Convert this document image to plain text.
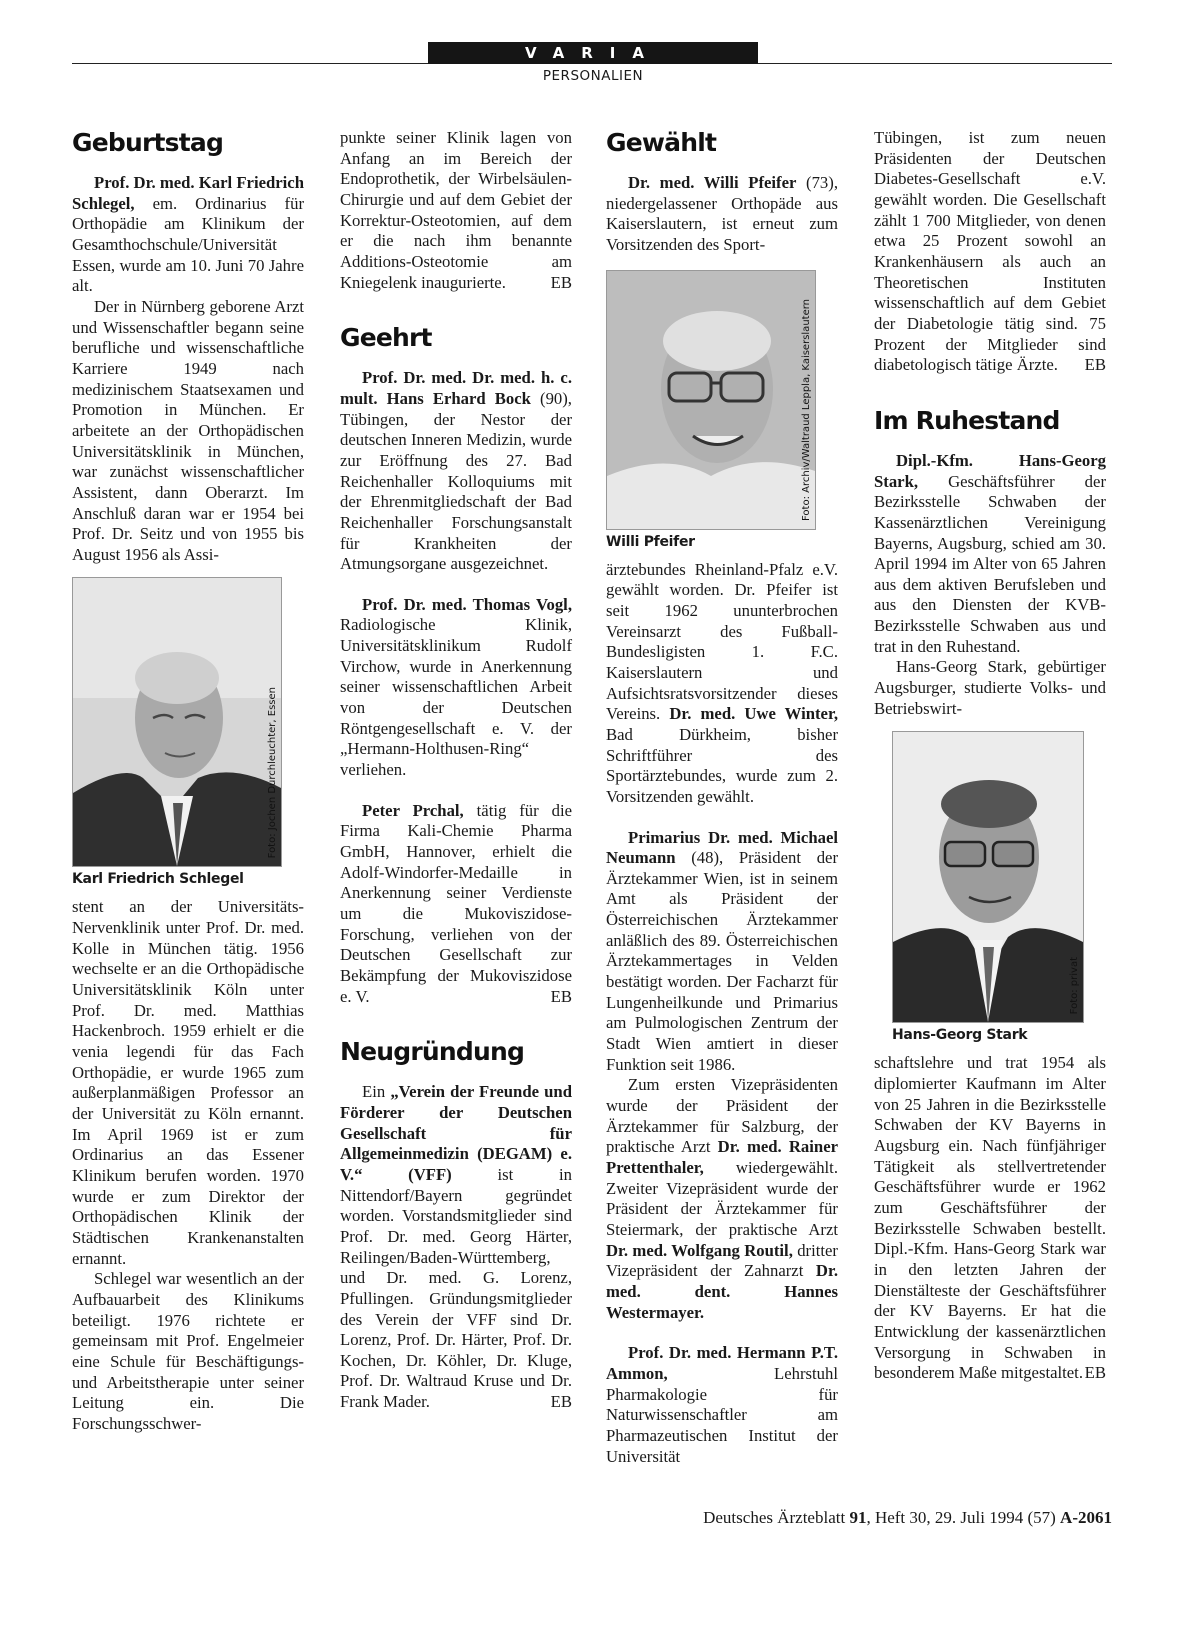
VARIA
PERSONALIEN
Geburtstag

Prof. Dr. med. Karl Friedrich Schlegel, em. Ordinarius für Orthopädie am Klinikum der Gesamthochschule/Universität Essen, wurde am 10. Juni 70 Jahre alt.

Der in Nürnberg geborene Arzt und Wissenschaftler begann seine berufliche und wissenschaftliche Karriere 1949 nach medizinischem Staatsexamen und Promotion in München. Er arbeitete an der Orthopädischen Universitätsklinik in München, war zunächst wissenschaftlicher Assistent, dann Oberarzt. Im Anschluß daran war er 1954 bei Prof. Dr. Seitz und von 1955 bis August 1956 als Assi-

Foto: Jochen Durchleuchter, Essen
Karl Friedrich Schlegel

stent an der Universitäts-Nervenklinik unter Prof. Dr. med. Kolle in München tätig. 1956 wechselte er an die Orthopädische Universitätsklinik Köln unter Prof. Dr. med. Matthias Hackenbroch. 1959 erhielt er die venia legendi für das Fach Orthopädie, er wurde 1965 zum außerplanmäßigen Professor an der Universität zu Köln ernannt. Im April 1969 ist er zum Ordinarius an das Essener Klinikum berufen worden. 1970 wurde er zum Direktor der Orthopädischen Klinik der Städtischen Krankenanstalten ernannt.

Schlegel war wesentlich an der Aufbauarbeit des Klinikums beteiligt. 1976 richtete er gemeinsam mit Prof. Engelmeier eine Schule für Beschäftigungs- und Arbeitstherapie unter seiner Leitung ein. Die Forschungsschwer-

punkte seiner Klinik lagen von Anfang an im Bereich der Endoprothetik, der Wirbelsäulen-Chirurgie und auf dem Gebiet der Korrektur-Osteotomien, auf dem er die nach ihm benannte Additions-Osteotomie am Kniegelenk inaugurierte.	EB

Geehrt

Prof. Dr. med. Dr. med. h. c. mult. Hans Erhard Bock (90), Tübingen, der Nestor der deutschen Inneren Medizin, wurde zur Eröffnung des 27. Bad Reichenhaller Kolloquiums mit der Ehrenmitgliedschaft der Bad Reichenhaller Forschungsanstalt für Krankheiten der Atmungsorgane ausgezeichnet.

Prof. Dr. med. Thomas Vogl, Radiologische Klinik, Universitätsklinikum Rudolf Virchow, wurde in Anerkennung seiner wissenschaftlichen Arbeit von der Deutschen Röntgengesellschaft e. V. der „Hermann-Holthusen-Ring“ verliehen.

Peter Prchal, tätig für die Firma Kali-Chemie Pharma GmbH, Hannover, erhielt die Adolf-Windorfer-Medaille in Anerkennung seiner Verdienste um die Mukoviszidose-Forschung, verliehen von der Deutschen Gesellschaft zur Bekämpfung der Mukoviszidose e. V.	EB

Neugründung

Ein „Verein der Freunde und Förderer der Deutschen Gesellschaft für Allgemeinmedizin (DEGAM) e. V.“ (VFF) ist in Nittendorf/Bayern gegründet worden. Vorstandsmitglieder sind Prof. Dr. med. Georg Härter, Reilingen/Baden-Württemberg, und Dr. med. G. Lorenz, Pfullingen. Gründungsmitglieder des Verein der VFF sind Dr. Lorenz, Prof. Dr. Härter, Prof. Dr. Kochen, Dr. Köhler, Dr. Kluge, Prof. Dr. Waltraud Kruse und Dr. Frank Mader.	EB

Gewählt

Dr. med. Willi Pfeifer (73), niedergelassener Orthopäde aus Kaiserslautern, ist erneut zum Vorsitzenden des Sport-

Foto: Archiv/Waltraud Leppla, Kaiserslautern
Willi Pfeifer

ärztebundes Rheinland-Pfalz e.V. gewählt worden. Dr. Pfeifer ist seit 1962 ununterbrochen Vereinsarzt des Fußball-Bundesligisten 1. F.C. Kaiserslautern und Aufsichtsratsvorsitzender dieses Vereins. Dr. med. Uwe Winter, Bad Dürkheim, bisher Schriftführer des Sportärztebundes, wurde zum 2. Vorsitzenden gewählt.

Primarius Dr. med. Michael Neumann (48), Präsident der Ärztekammer Wien, ist in seinem Amt als Präsident der Österreichischen Ärztekammer anläßlich des 89. Österreichischen Ärztekammertages in Velden bestätigt worden. Der Facharzt für Lungenheilkunde und Primarius am Pulmologischen Zentrum der Stadt Wien amtiert in dieser Funktion seit 1986.

Zum ersten Vizepräsidenten wurde der Präsident der Ärztekammer für Salzburg, der praktische Arzt Dr. med. Rainer Prettenthaler, wiedergewählt. Zweiter Vizepräsident wurde der Präsident der Ärztekammer für Steiermark, der praktische Arzt Dr. med. Wolfgang Routil, dritter Vizepräsident der Zahnarzt Dr. med. dent. Hannes Westermayer.

Prof. Dr. med. Hermann P.T. Ammon, Lehrstuhl Pharmakologie für Naturwissenschaftler am Pharmazeutischen Institut der Universität

Tübingen, ist zum neuen Präsidenten der Deutschen Diabetes-Gesellschaft e.V. gewählt worden. Die Gesellschaft zählt 1 700 Mitglieder, von denen etwa 25 Prozent sowohl an Krankenhäusern als auch an Theoretischen Instituten wissenschaftlich auf dem Gebiet der Diabetologie tätig sind. 75 Prozent der Mitglieder sind diabetologisch tätige Ärzte. EB

Im Ruhestand

Dipl.-Kfm. Hans-Georg Stark, Geschäftsführer der Bezirksstelle Schwaben der Kassenärztlichen Vereinigung Bayerns, Augsburg, schied am 30. April 1994 im Alter von 65 Jahren aus dem aktiven Berufsleben und aus den Diensten der KVB-Bezirksstelle Schwaben aus und trat in den Ruhestand.

Hans-Georg Stark, gebürtiger Augsburger, studierte Volks- und Betriebswirt-

Foto: privat
Hans-Georg Stark

schaftslehre und trat 1954 als diplomierter Kaufmann im Alter von 25 Jahren in die Bezirksstelle Schwaben der KV Bayerns in Augsburg ein. Nach fünfjähriger Tätigkeit als stellvertretender Geschäftsführer wurde er 1962 zum Geschäftsführer der Bezirksstelle Schwaben bestellt. Dipl.-Kfm. Hans-Georg Stark war in den letzten Jahren der Dienstälteste der Geschäftsführer der KV Bayerns. Er hat die Entwicklung der kassenärztlichen Versorgung in Schwaben in besonderem Maße mitgestaltet. EB

Deutsches Ärzteblatt 91, Heft 30, 29. Juli 1994 (57) A-2061
